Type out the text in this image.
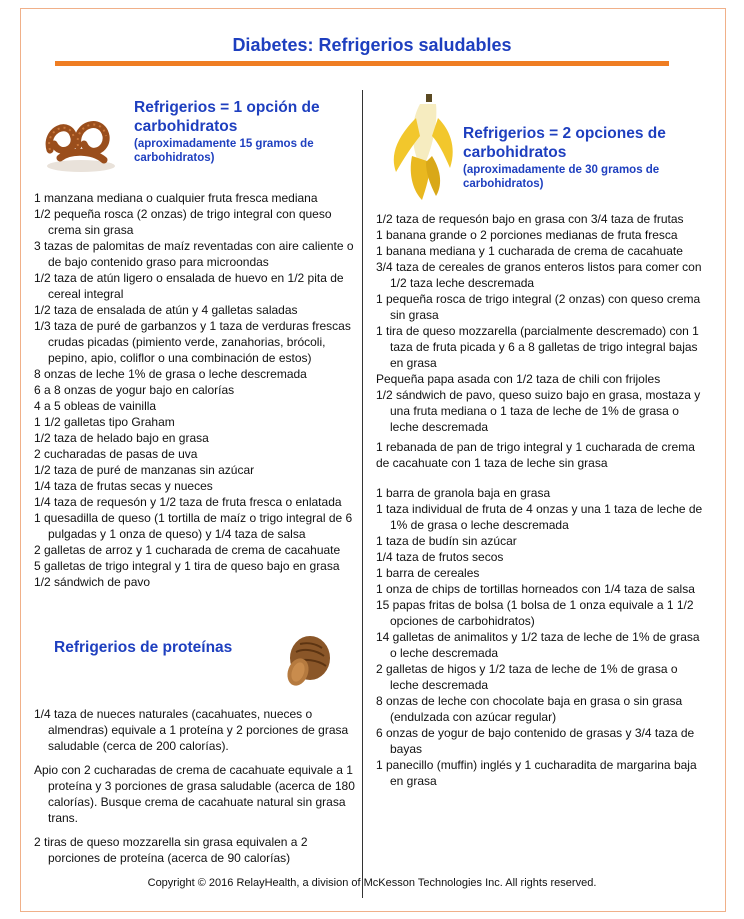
Diabetes: Refrigerios saludables
Refrigerios = 1 opción de carbohidratos
(aproximadamente 15 gramos de carbohidratos)
1 manzana mediana o cualquier fruta fresca mediana
1/2 pequeña rosca (2 onzas) de trigo integral con queso crema sin grasa
3 tazas de palomitas de maíz reventadas con aire caliente o de bajo contenido graso para microondas
1/2 taza de atún ligero o ensalada de huevo en 1/2 pita de cereal integral
1/2 taza de ensalada de atún y 4 galletas saladas
1/3 taza de puré de garbanzos y 1 taza de verduras frescas crudas picadas (pimiento verde, zanahorias, brócoli, pepino, apio, coliflor o una combinación de estos)
8 onzas de leche 1% de grasa o leche descremada
6 a 8 onzas de yogur bajo en calorías
4 a 5 obleas de vainilla
1 1/2 galletas tipo Graham
1/2 taza de helado bajo en grasa
2 cucharadas de pasas de uva
1/2 taza de puré de manzanas sin azúcar
1/4 taza de frutas secas y nueces
1/4 taza de requesón y 1/2 taza de fruta fresca o enlatada
1 quesadilla de queso (1 tortilla de maíz o trigo integral de 6 pulgadas y 1 onza de queso) y 1/4 taza de salsa
2 galletas de arroz y 1 cucharada de crema de cacahuate
5 galletas de trigo integral y 1 tira de queso bajo en grasa
1/2 sándwich de pavo
Refrigerios de proteínas
1/4 taza de nueces naturales (cacahuates, nueces o almendras) equivale a 1 proteína y 2 porciones de grasa saludable (cerca de 200 calorías).
Apio con 2 cucharadas de crema de cacahuate equivale a 1 proteína y 3 porciones de grasa saludable (acerca de 180 calorías). Busque crema de cacahuate natural sin grasa trans.
2 tiras de queso mozzarella sin grasa equivalen a 2 porciones de proteína (acerca de 90 calorías)
Refrigerios = 2 opciones de carbohidratos
(aproximadamente de 30 gramos de carbohidratos)
1/2 taza de requesón bajo en grasa con 3/4 taza de frutas
1 banana grande o 2 porciones medianas de fruta fresca
1 banana mediana y 1 cucharada de crema de cacahuate
3/4 taza de cereales de granos enteros listos para comer con 1/2 taza leche descremada
1 pequeña rosca de trigo integral (2 onzas) con queso crema sin grasa
1 tira de queso mozzarella (parcialmente descremado) con 1 taza de fruta picada y 6 a 8 galletas de trigo integral bajas en grasa
Pequeña papa asada con 1/2 taza de chili con frijoles
1/2 sándwich de pavo, queso suizo bajo en grasa, mostaza y una fruta mediana o 1 taza de leche de 1% de grasa o leche descremada
1 rebanada de pan de trigo integral y 1 cucharada de crema de cacahuate con 1 taza de leche sin grasa
1 barra de granola baja en grasa
1 taza individual de fruta de 4 onzas y una 1 taza de leche de 1% de grasa o leche descremada
1 taza de budín sin azúcar
1/4 taza de frutos secos
1 barra de cereales
1 onza de chips de tortillas horneados con 1/4 taza de salsa
15 papas fritas de bolsa (1 bolsa de 1 onza equivale a 1 1/2 opciones de carbohidratos)
14 galletas de animalitos y 1/2 taza de leche de 1% de grasa o leche descremada
2 galletas de higos y 1/2 taza de leche de 1% de grasa o leche descremada
8 onzas de leche con chocolate baja en grasa o sin grasa (endulzada con azúcar regular)
6 onzas de yogur de bajo contenido de grasas y 3/4 taza de bayas
1 panecillo (muffin) inglés y 1 cucharadita de margarina baja en grasa
Copyright © 2016 RelayHealth, a division of McKesson Technologies Inc. All rights reserved.
